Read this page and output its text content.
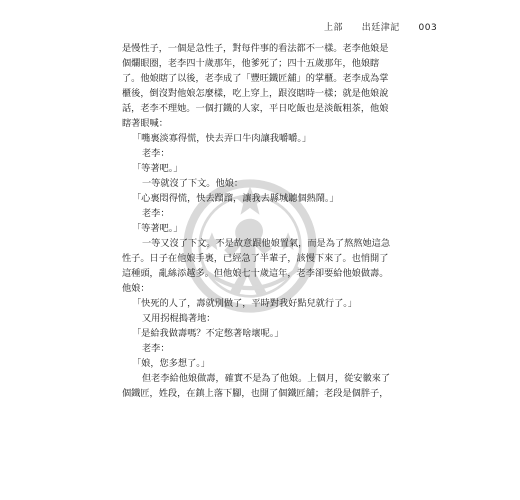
上部 出廷津記 003
是慢性子，一個是急性子，對每件事的看法都不一樣。老李他娘是
個爛眼圈，老李四十歲那年，他爹死了；四十五歲那年，他娘瞎
了。他娘瞎了以後，老李成了「豐旺鐵匠舖」的掌櫃。老李成為掌
櫃後，倒沒對他娘怎麼樣，吃上穿上，跟沒瞎時一樣；就是他娘說
話，老李不理她。一個打鐵的人家，平日吃飯也是淡飯粗茶，他娘
瞎著眼喊：
「嘴裏淡寡得慌，快去弄口牛肉讓我嚼嚼。」
老李：
「等著吧。」
一等就沒了下文。他娘：
「心裏悶得慌，快去蹓蹓，讓我去縣城聽個熱鬧。」
老李：
「等著吧。」
一等又沒了下文。不是故意跟他娘置氣，而是為了熬熬她這急
性子。日子在他娘手裏，已經急了半輩子，該慢下來了。也悄開了
這種頭，亂絲添越多。但他娘七十歲這年，老李卻要給他娘做壽。
他娘：
「快死的人了，壽就別做了，平時對我好點兒就行了。」
又用拐棍搗著地：
「是給我做壽嗎？不定憋著啥壞呢。」
老李：
「娘，您多想了。」
但老李給他娘做壽，確實不是為了他娘。上個月，從安徽來了
個鐵匠，姓段，在鎮上落下腳，也開了個鐵匠舖；老段是個胖子，
